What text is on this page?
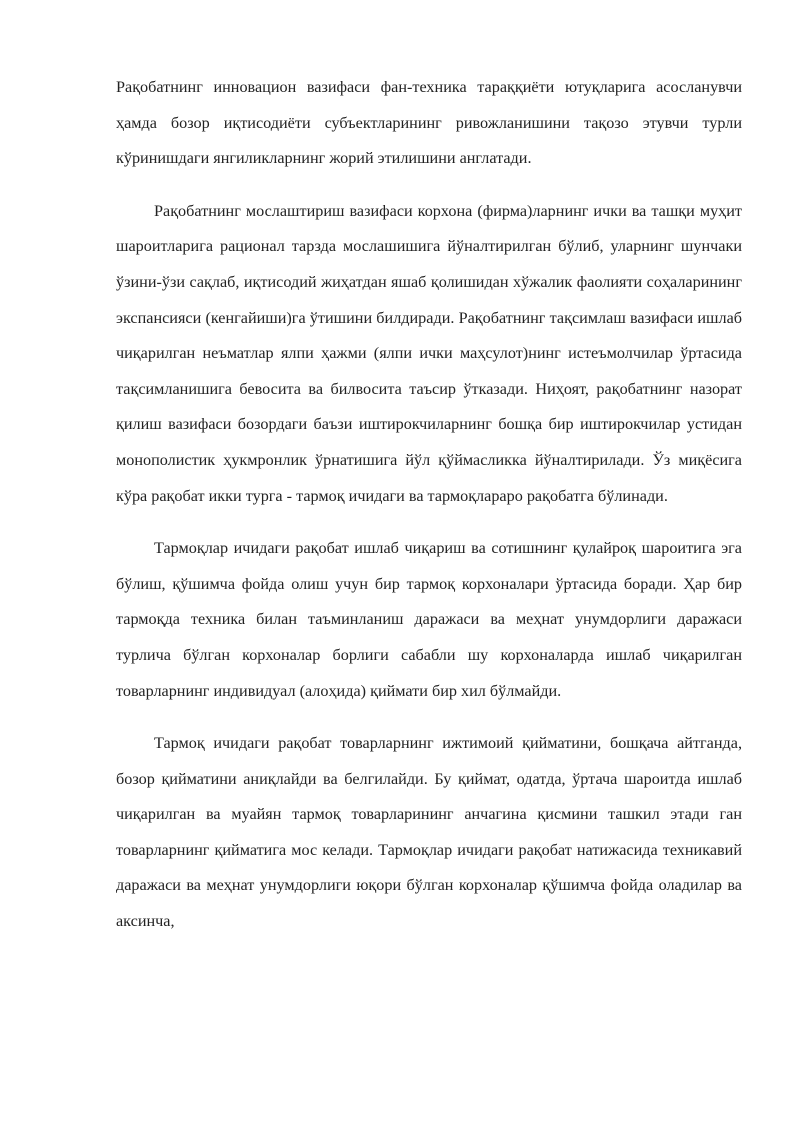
Рақобатнинг инновацион вазифаси фан-техника тараққиёти ютуқларига асосланувчи ҳамда бозор иқтисодиёти субъектларининг ривожланишини тақозо этувчи турли кўринишдаги янгиликларнинг жорий этилишини англатади.

Рақобатнинг мослаштириш вазифаси корхона (фирма)ларнинг ички ва ташқи муҳит шароитларига рационал тарзда мослашишига йўналтирилган бўлиб, уларнинг шунчаки ўзини-ўзи сақлаб, иқтисодий жиҳатдан яшаб қолишидан хўжалик фаолияти соҳаларининг экспансияси (кенгайиши)га ўтишини билдиради. Рақобатнинг тақсимлаш вазифаси ишлаб чиқарилган неъматлар ялпи ҳажми (ялпи ички маҳсулот)нинг истеъмолчилар ўртасида тақсимланишига бевосита ва билвосита таъсир ўтказади. Ниҳоят, рақобатнинг назорат қилиш вазифаси бозордаги баъзи иштирокчиларнинг бошқа бир иштирокчилар устидан монополистик ҳукмронлик ўрнатишига йўл қўймасликка йўналтирилади. Ўз миқёсига кўра рақобат икки турга - тармоқ ичидаги ва тармоқлараро рақобатга бўлинади.

Тармоқлар ичидаги рақобат ишлаб чиқариш ва сотишнинг қулайроқ шароитига эга бўлиш, қўшимча фойда олиш учун бир тармоқ корхоналари ўртасида боради. Ҳар бир тармоқда техника билан таъминланиш даражаси ва меҳнат унумдорлиги даражаси турлича бўлган корхоналар борлиги сабабли шу корхоналарда ишлаб чиқарилган товарларнинг индивидуал (алоҳида) қиймати бир хил бўлмайди.

Тармоқ ичидаги рақобат товарларнинг ижтимоий қийматини, бошқача айтганда, бозор қийматини аниқлайди ва белгилайди. Бу қиймат, одатда, ўртача шароитда ишлаб чиқарилган ва муайян тармоқ товарларининг анчагина қисмини ташкил этади ган товарларнинг қийматига мос келади. Тармоқлар ичидаги рақобат натижасида техникавий даражаси ва меҳнат унумдорлиги юқори бўлган корхоналар қўшимча фойда оладилар ва аксинча,
